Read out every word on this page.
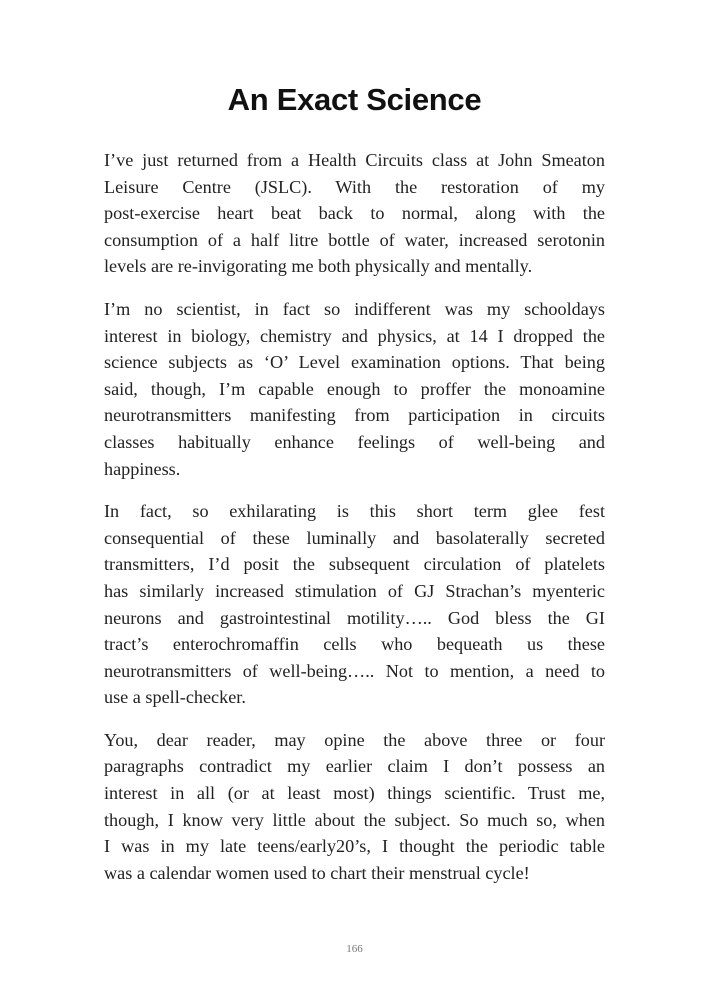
An Exact Science

I’ve just returned from a Health Circuits class at John Smeaton
Leisure Centre (JSLC). With the restoration of my
post-exercise heart beat back to normal, along with the
consumption of a half litre bottle of water, increased serotonin
levels are re-invigorating me both physically and mentally.

I’m no scientist, in fact so indifferent was my schooldays
interest in biology, chemistry and physics, at 14 I dropped the
science subjects as ‘O’ Level examination options. That being
said, though, I’m capable enough to proffer the monoamine
neurotransmitters manifesting from participation in circuits
classes habitually enhance feelings of well-being and
happiness.

In fact, so exhilarating is this short term glee fest
consequential of these luminally and basolaterally secreted
transmitters, I’d posit the subsequent circulation of platelets
has similarly increased stimulation of GJ Strachan’s myenteric
neurons and gastrointestinal motility….. God bless the GI
tract’s enterochromaffin cells who bequeath us these
neurotransmitters of well-being….. Not to mention, a need to
use a spell-checker.

You, dear reader, may opine the above three or four
paragraphs contradict my earlier claim I don’t possess an
interest in all (or at least most) things scientific. Trust me,
though, I know very little about the subject. So much so, when
I was in my late teens/early20’s, I thought the periodic table
was a calendar women used to chart their menstrual cycle!

166
